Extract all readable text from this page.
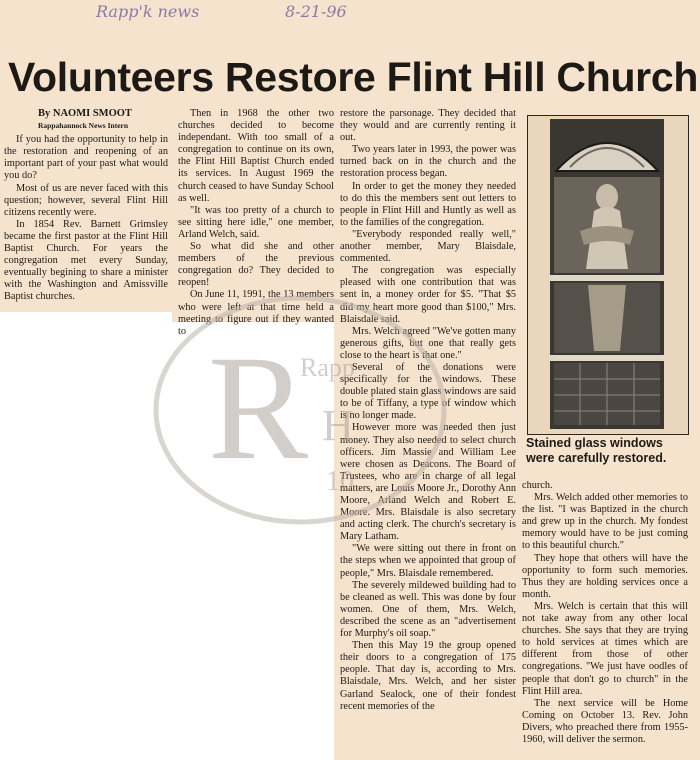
Rapp'k news	8-21-96
Volunteers Restore Flint Hill Church

By NAOMI SMOOT

Rappahannock News Intern

If you had the opportunity to help in the restoration and reopening of an important part of your past what would you do?

Most of us are never faced with this question; however, several Flint Hill citizens recently were.

In 1854 Rev. Barnett Grimsley became the first pastor at the Flint Hill Baptist Church. For years the congregation met every Sunday, eventually begining to share a minister with the Washington and Amissville Baptist churches.

Then in 1968 the other two churches decided to become independant. With too small of a congregation to continue on its own, the Flint Hill Baptist Church ended its services. In August 1969 the church ceased to have Sunday School as well.

"It was too pretty of a church to see sitting here idle," one member, Arland Welch, said.

So what did she and other members of the previous congregation do? They decided to reopen!

On June 11, 1991, the 13 members who were left at that time held a meeting to figure out if they wanted to

restore the parsonage. They decided that they would and are currently renting it out.

Two years later in 1993, the power was turned back on in the church and the restoration process began.

In order to get the money they needed to do this the members sent out letters to people in Flint Hill and Huntly as well as to the families of the congregation.

"Everybody responded really well," another member, Mary Blaisdale, commented.

The congregation was especially pleased with one contribution that was sent in, a money order for $5. "That $5 did my heart more good than $100," Mrs. Blaisdale said.

Mrs. Welch agreed "We've gotten many generous gifts, but one that really gets close to the heart is that one."

Several of the donations were specifically for the windows. These double plated stain glass windows are said to be of Tiffany, a type of window which is no longer made.

However more was needed then just money. They also needed to select church officers. Jim Massie and William Lee were chosen as Deacons. The Board of Trustees, who are in charge of all legal matters, are Louis Moore Jr., Dorothy Ann Moore, Arland Welch and Robert E. Moore. Mrs. Blaisdale is also secretary and acting clerk. The church's secretary is Mary Latham.

"We were sitting out there in front on the steps when we appointed that group of people," Mrs. Blaisdale remembered.

The severely mildewed building had to be cleaned as well. This was done by four women. One of them, Mrs. Welch, described the scene as an "advertisement for Murphy's oil soap."

Then this May 19 the group opened their doors to a congregation of 175 people. That day is, according to Mrs. Blaisdale, Mrs. Welch, and her sister Garland Sealock, one of their fondest recent memories of the

Stained glass windows were carefully restored.

church.

Mrs. Welch added other memories to the list. "I was Baptized in the church and grew up in the church. My fondest memory would have to be just coming to this beautiful church."

They hope that others will have the opportunity to form such memories. Thus they are holding services once a month.

Mrs. Welch is certain that this will not take away from any other local churches. She says that they are trying to hold services at times which are different from those of other congregations. "We just have oodles of people that don't go to church" in the Flint Hill area.

The next service will be Home Coming on October 13. Rev. John Divers, who preached there from 1955-1960, will deliver the sermon.

R
Rapp
H
10
